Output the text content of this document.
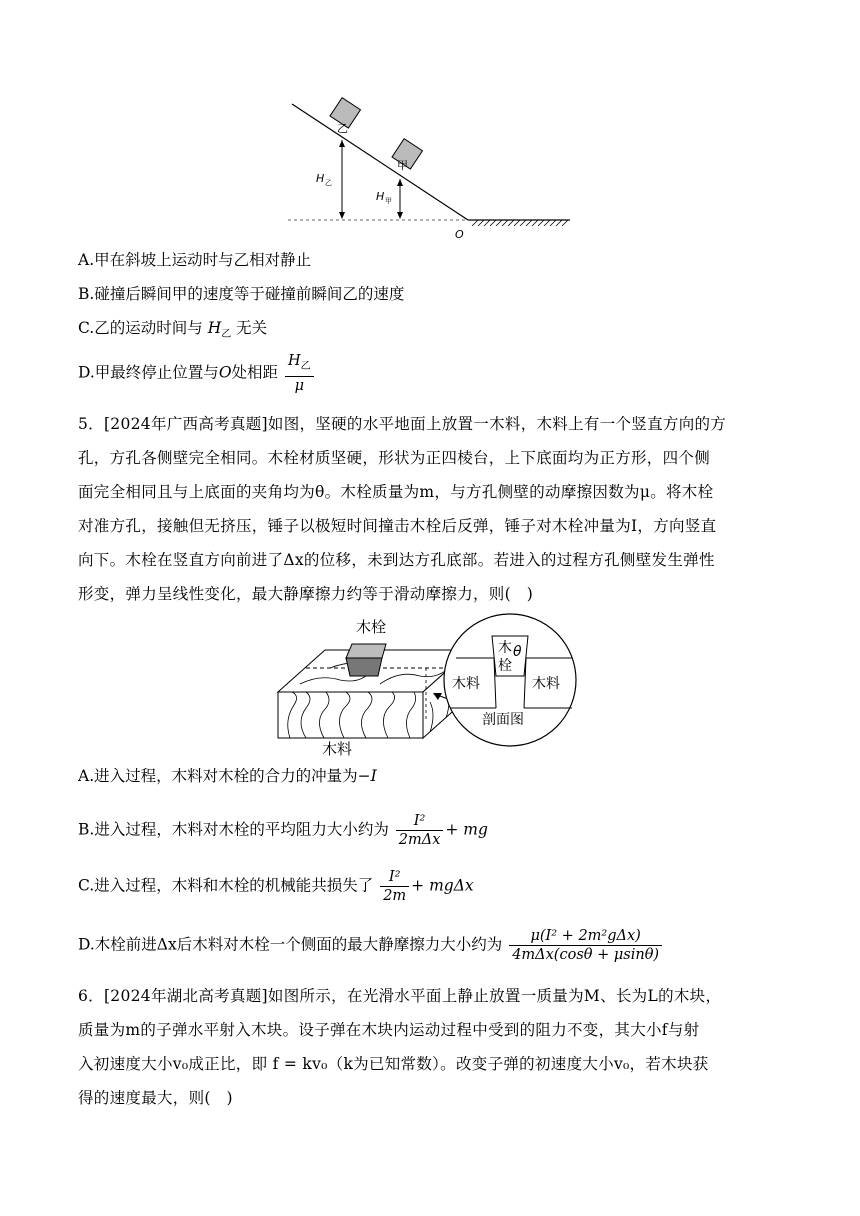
乙
甲
H 乙
H 甲
O
A.甲在斜坡上运动时与乙相对静止
B.碰撞后瞬间甲的速度等于碰撞前瞬间乙的速度
C.乙的运动时间与 $H_乙$ 无关
D.甲最终停止位置与O处相距 $\frac{H_乙}{\mu}$
5．[2024年广西高考真题]如图，坚硬的水平地面上放置一木料，木料上有一个竖直方向的方
孔，方孔各侧壁完全相同。木栓材质坚硬，形状为正四棱台，上下底面均为正方形，四个侧
面完全相同且与上底面的夹角均为θ。木栓质量为m，与方孔侧壁的动摩擦因数为μ。将木栓
对准方孔，接触但无挤压，锤子以极短时间撞击木栓后反弹，锤子对木栓冲量为I，方向竖直
向下。木栓在竖直方向前进了Δx的位移，未到达方孔底部。若进入的过程方孔侧壁发生弹性
形变，弹力呈线性变化，最大静摩擦力约等于滑动摩擦力，则(　)
木栓
木料
木
栓
θ
木料	木料
剖面图
A.进入过程，木料对木栓的合力的冲量为−I
B.进入过程，木料对木栓的平均阻力大小约为 $\frac{\text{I²}}{\text{2mΔx}}$ + mg
C.进入过程，木料和木栓的机械能共损失了 $\frac{\text{I²}}{2m} + mg\Delta x$
D.木栓前进Δx后木料对木栓一个侧面的最大静摩擦力大小约为 $\frac{\text{μ(I² + 2m²gΔx)}}{\text{4mΔx(cosθ + μsinθ)}}$
6．[2024年湖北高考真题]如图所示，在光滑水平面上静止放置一质量为M、长为L的木块，
质量为m的子弹水平射入木块。设子弹在木块内运动过程中受到的阻力不变，其大小f与射
入初速度大小v₀成正比，即 f = kv₀（k为已知常数）。改变子弹的初速度大小v₀，若木块获
得的速度最大，则(　)
